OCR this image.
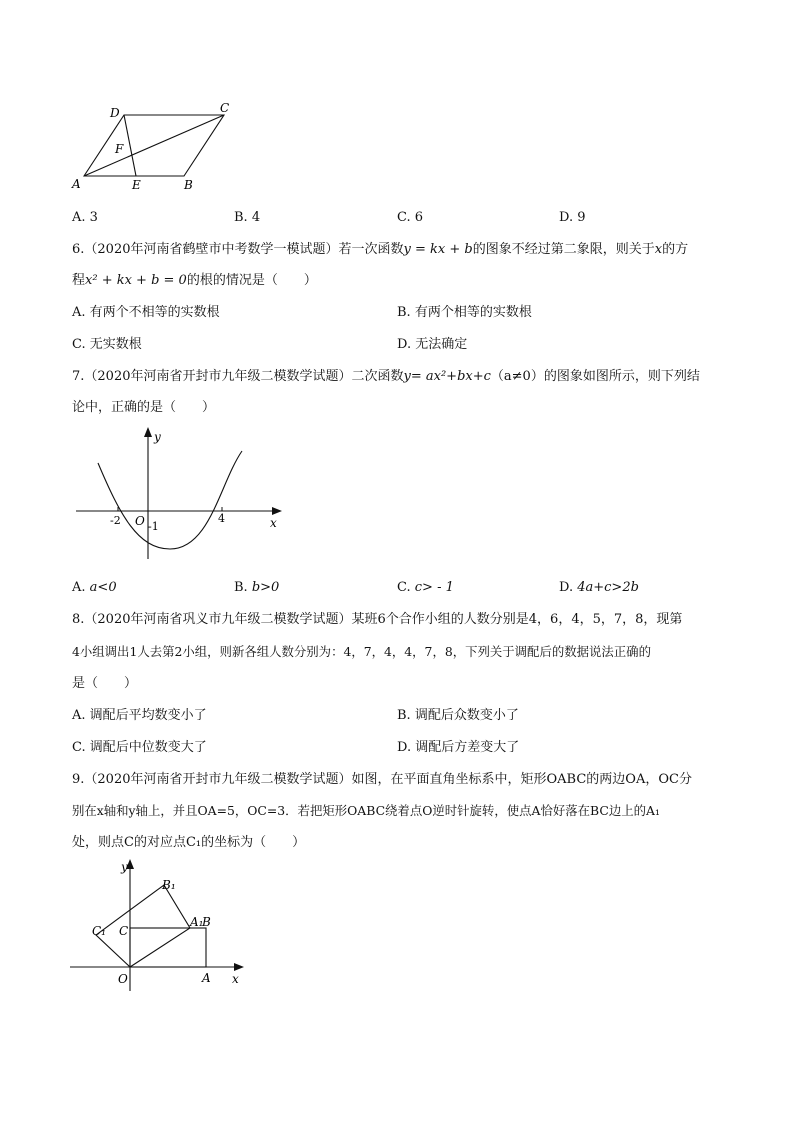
D	C
F
A	E	B
A. 3	B. 4	C. 6	D. 9
6.（2020年河南省鹤壁市中考数学一模试题）若一次函数y = kx + b的图象不经过第二象限，则关于x的方
程x² + kx + b = 0的根的情况是（　　）
A. 有两个不相等的实数根	B. 有两个相等的实数根
C. 无实数根	D. 无法确定
7.（2020年河南省开封市九年级二模数学试题）二次函数y= ax²+bx+c（a≠0）的图象如图所示，则下列结
论中，正确的是（　　）
y
x
O
-2 -1
4
A. a<0	B. b>0	C. c> - 1	D. 4a+c>2b
8.（2020年河南省巩义市九年级二模数学试题）某班6个合作小组的人数分别是4，6，4，5，7，8，现第
4小组调出1人去第2小组，则新各组人数分别为：4，7，4，4，7，8，下列关于调配后的数据说法正确的
是（　　）
A. 调配后平均数变小了	B. 调配后众数变小了
C. 调配后中位数变大了	D. 调配后方差变大了
9.（2020年河南省开封市九年级二模数学试题）如图，在平面直角坐标系中，矩形OABC的两边OA，OC分
别在x轴和y轴上，并且OA=5，OC=3．若把矩形OABC绕着点O逆时针旋转，使点A恰好落在BC边上的A₁
处，则点C的对应点C₁的坐标为（　　）
y
x
O	A
B
C
C₁
B₁
A₁
